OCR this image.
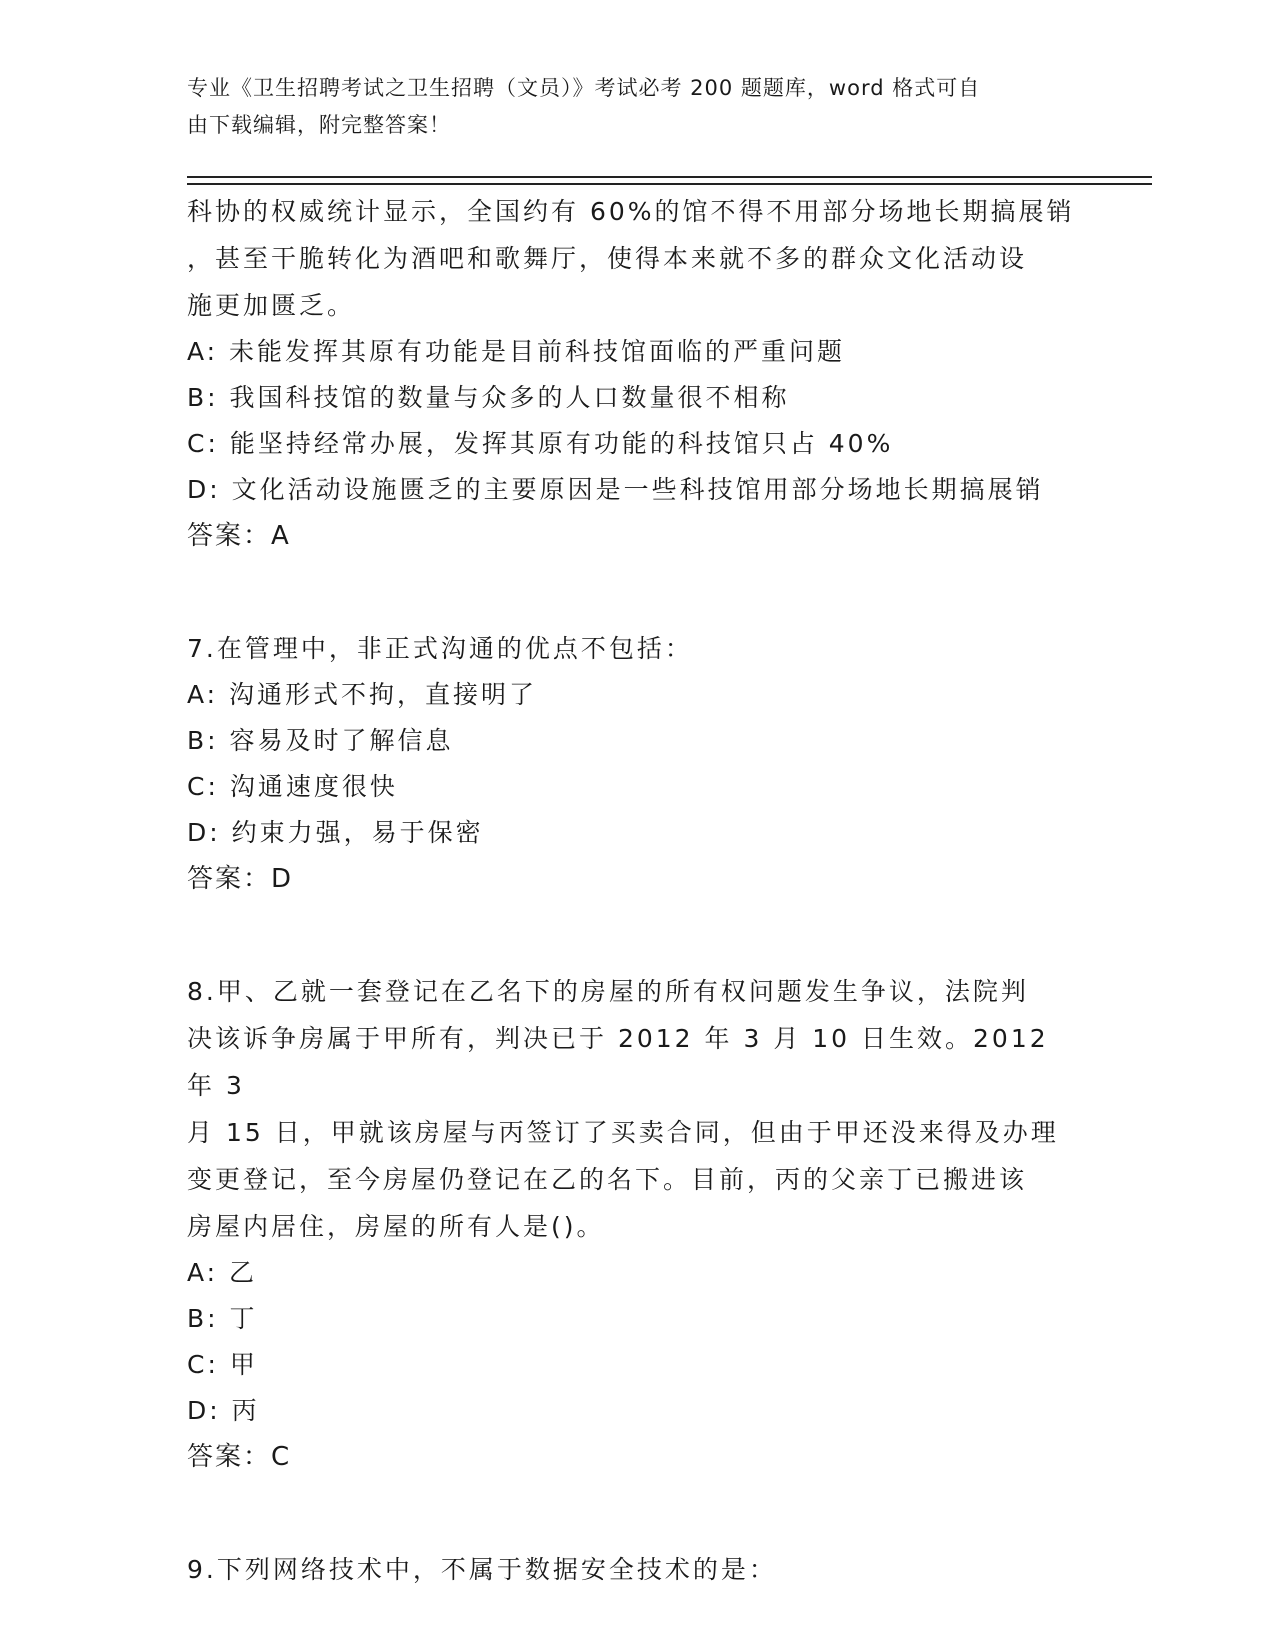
专业《卫生招聘考试之卫生招聘（文员）》考试必考 200 题题库，word 格式可自
由下载编辑，附完整答案！

科协的权威统计显示，全国约有 60%的馆不得不用部分场地长期搞展销

，甚至干脆转化为酒吧和歌舞厅，使得本来就不多的群众文化活动设

施更加匮乏。

A: 未能发挥其原有功能是目前科技馆面临的严重问题

B: 我国科技馆的数量与众多的人口数量很不相称

C: 能坚持经常办展，发挥其原有功能的科技馆只占 40%

D: 文化活动设施匮乏的主要原因是一些科技馆用部分场地长期搞展销

答案：A

7.在管理中，非正式沟通的优点不包括：

A: 沟通形式不拘，直接明了

B: 容易及时了解信息

C: 沟通速度很快

D: 约束力强，易于保密

答案：D

8.甲、乙就一套登记在乙名下的房屋的所有权问题发生争议，法院判

决该诉争房属于甲所有，判决已于 2012 年 3 月 10 日生效。2012 年 3

月 15 日，甲就该房屋与丙签订了买卖合同，但由于甲还没来得及办理

变更登记，至今房屋仍登记在乙的名下。目前，丙的父亲丁已搬进该

房屋内居住，房屋的所有人是()。

A: 乙

B: 丁

C: 甲

D: 丙

答案：C

9.下列网络技术中，不属于数据安全技术的是：
